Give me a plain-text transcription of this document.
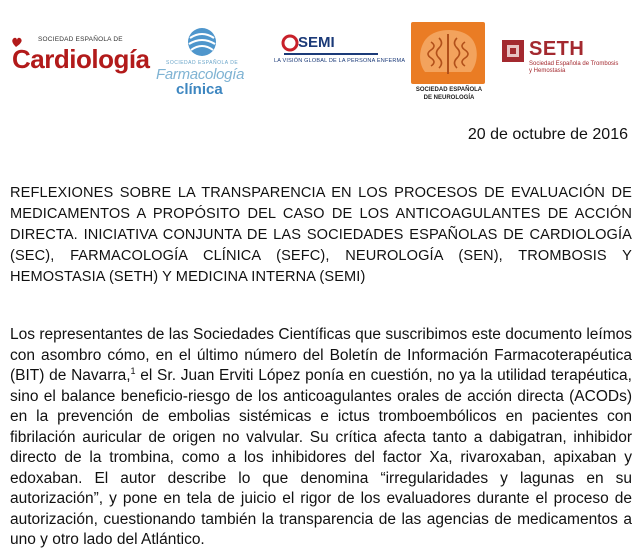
SOCIEDAD ESPAÑOLA DE
Cardiología	SOCIEDAD ESPAÑOLA DE
Farmacología
clínica
SEMI
LA VISIÓN GLOBAL DE LA PERSONA ENFERMA
SOCIEDAD ESPAÑOLA
DE NEUROLOGÍA
SETH
Sociedad Española de Trombosis
y Hemostasia
20 de octubre de 2016
REFLEXIONES SOBRE LA TRANSPARENCIA EN LOS PROCESOS DE EVALUACIÓN DE MEDICAMENTOS A PROPÓSITO DEL CASO DE LOS ANTICOAGULANTES DE ACCIÓN DIRECTA. INICIATIVA CONJUNTA DE LAS SOCIEDADES ESPAÑOLAS DE CARDIOLOGÍA (SEC), FARMACOLOGÍA CLÍNICA (SEFC), NEUROLOGÍA (SEN), TROMBOSIS Y HEMOSTASIA (SETH) Y MEDICINA INTERNA (SEMI)

Los representantes de las Sociedades Científicas que suscribimos este documento leímos con asombro cómo, en el último número del Boletín de Información Farmacoterapéutica (BIT) de Navarra,$^1$ el Sr. Juan Erviti López ponía en cuestión, no ya la utilidad terapéutica, sino el balance beneficio-riesgo de los anticoagulantes orales de acción directa (ACODs) en la prevención de embolias sistémicas e ictus tromboembólicos en pacientes con fibrilación auricular de origen no valvular. Su crítica afecta tanto a dabigatran, inhibidor directo de la trombina, como a los inhibidores del factor Xa, rivaroxaban, apixaban y edoxaban. El autor describe lo que denomina “irregularidades y lagunas en su autorización”, y pone en tela de juicio el rigor de los evaluadores durante el proceso de autorización, cuestionando también la transparencia de las agencias de medicamentos a uno y otro lado del Atlántico.
